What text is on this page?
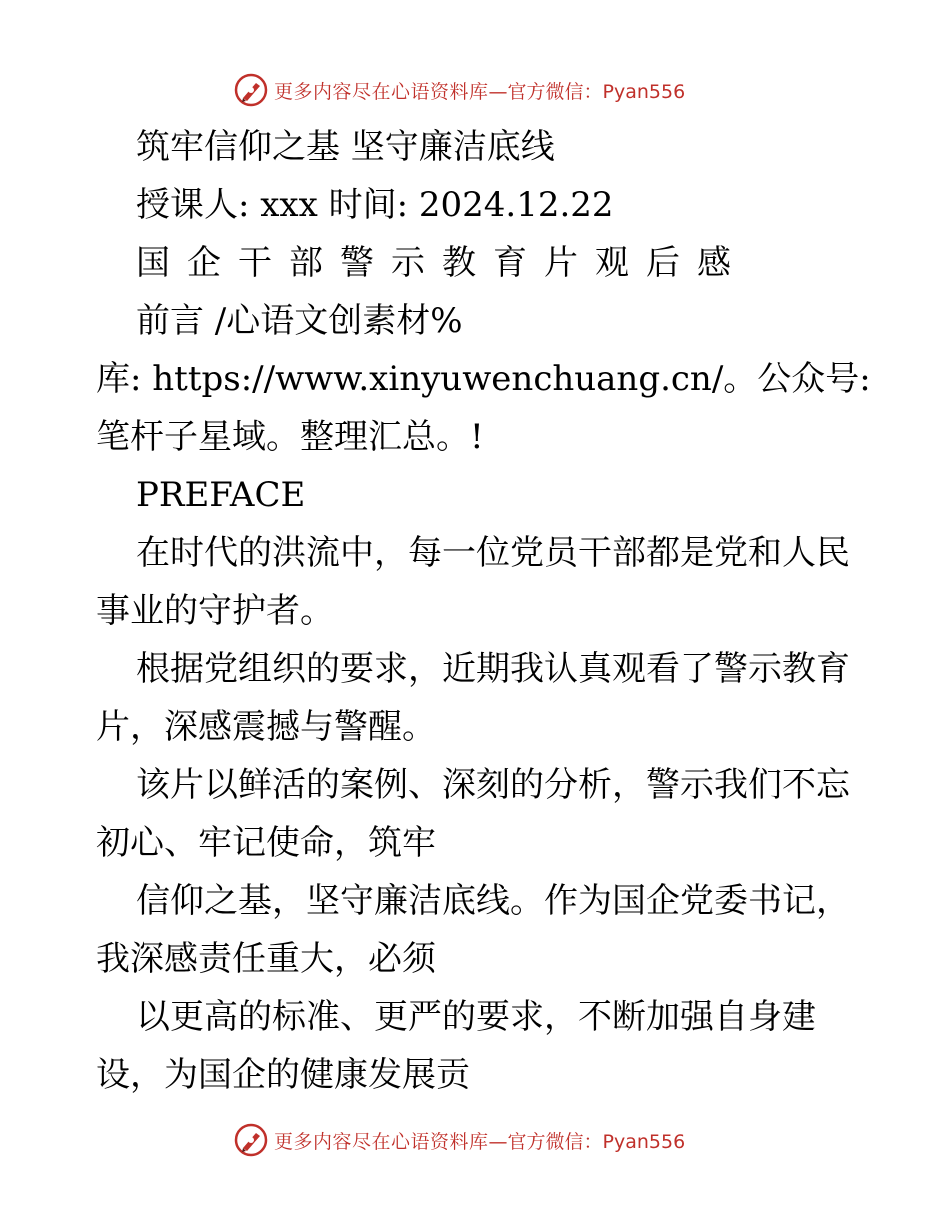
更多内容尽在心语资料库 —官方微信：Pyan556
筑牢信仰之基 坚守廉洁底线
授课人: xxx 时间: 2024.12.22
国企干部警示教育片观后感
前言 /心语文创素材%
库: https://www.xinyuwenchuang.cn/。公众号:
笔杆子星域。整理汇总。!
PREFACE
在时代的洪流中，每一位党员干部都是党和人民
事业的守护者。
根据党组织的要求，近期我认真观看了警示教育
片，深感震撼与警醒。
该片以鲜活的案例、深刻的分析，警示我们不忘
初心、牢记使命，筑牢
信仰之基，坚守廉洁底线。作为国企党委书记，
我深感责任重大，必须
以更高的标准、更严的要求，不断加强自身建
设，为国企的健康发展贡
更多内容尽在心语资料库 —官方微信：Pyan556
